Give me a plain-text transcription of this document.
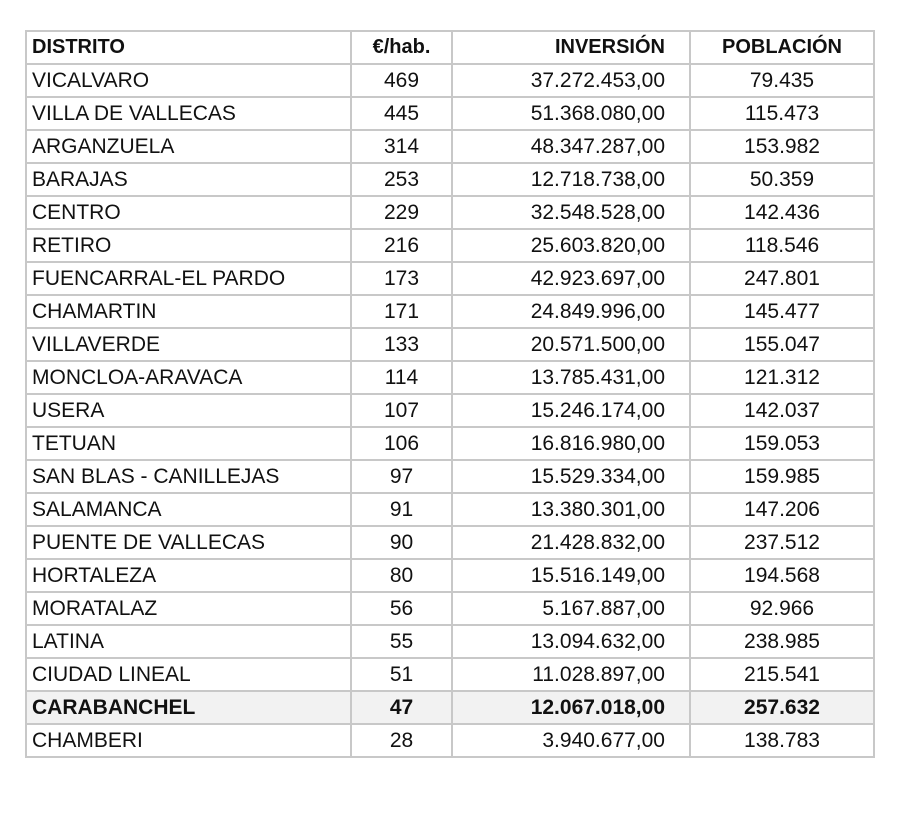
DISTRITO	€/hab.	INVERSIÓN	POBLACIÓN
VICALVARO	469	37.272.453,00	79.435
VILLA DE VALLECAS	445	51.368.080,00	115.473
ARGANZUELA	314	48.347.287,00	153.982
BARAJAS	253	12.718.738,00	50.359
CENTRO	229	32.548.528,00	142.436
RETIRO	216	25.603.820,00	118.546
FUENCARRAL-EL PARDO	173	42.923.697,00	247.801
CHAMARTIN	171	24.849.996,00	145.477
VILLAVERDE	133	20.571.500,00	155.047
MONCLOA-ARAVACA	114	13.785.431,00	121.312
USERA	107	15.246.174,00	142.037
TETUAN	106	16.816.980,00	159.053
SAN BLAS - CANILLEJAS	97	15.529.334,00	159.985
SALAMANCA	91	13.380.301,00	147.206
PUENTE DE VALLECAS	90	21.428.832,00	237.512
HORTALEZA	80	15.516.149,00	194.568
MORATALAZ	56	5.167.887,00	92.966
LATINA	55	13.094.632,00	238.985
CIUDAD LINEAL	51	11.028.897,00	215.541
CARABANCHEL	47	12.067.018,00	257.632
CHAMBERI	28	3.940.677,00	138.783
